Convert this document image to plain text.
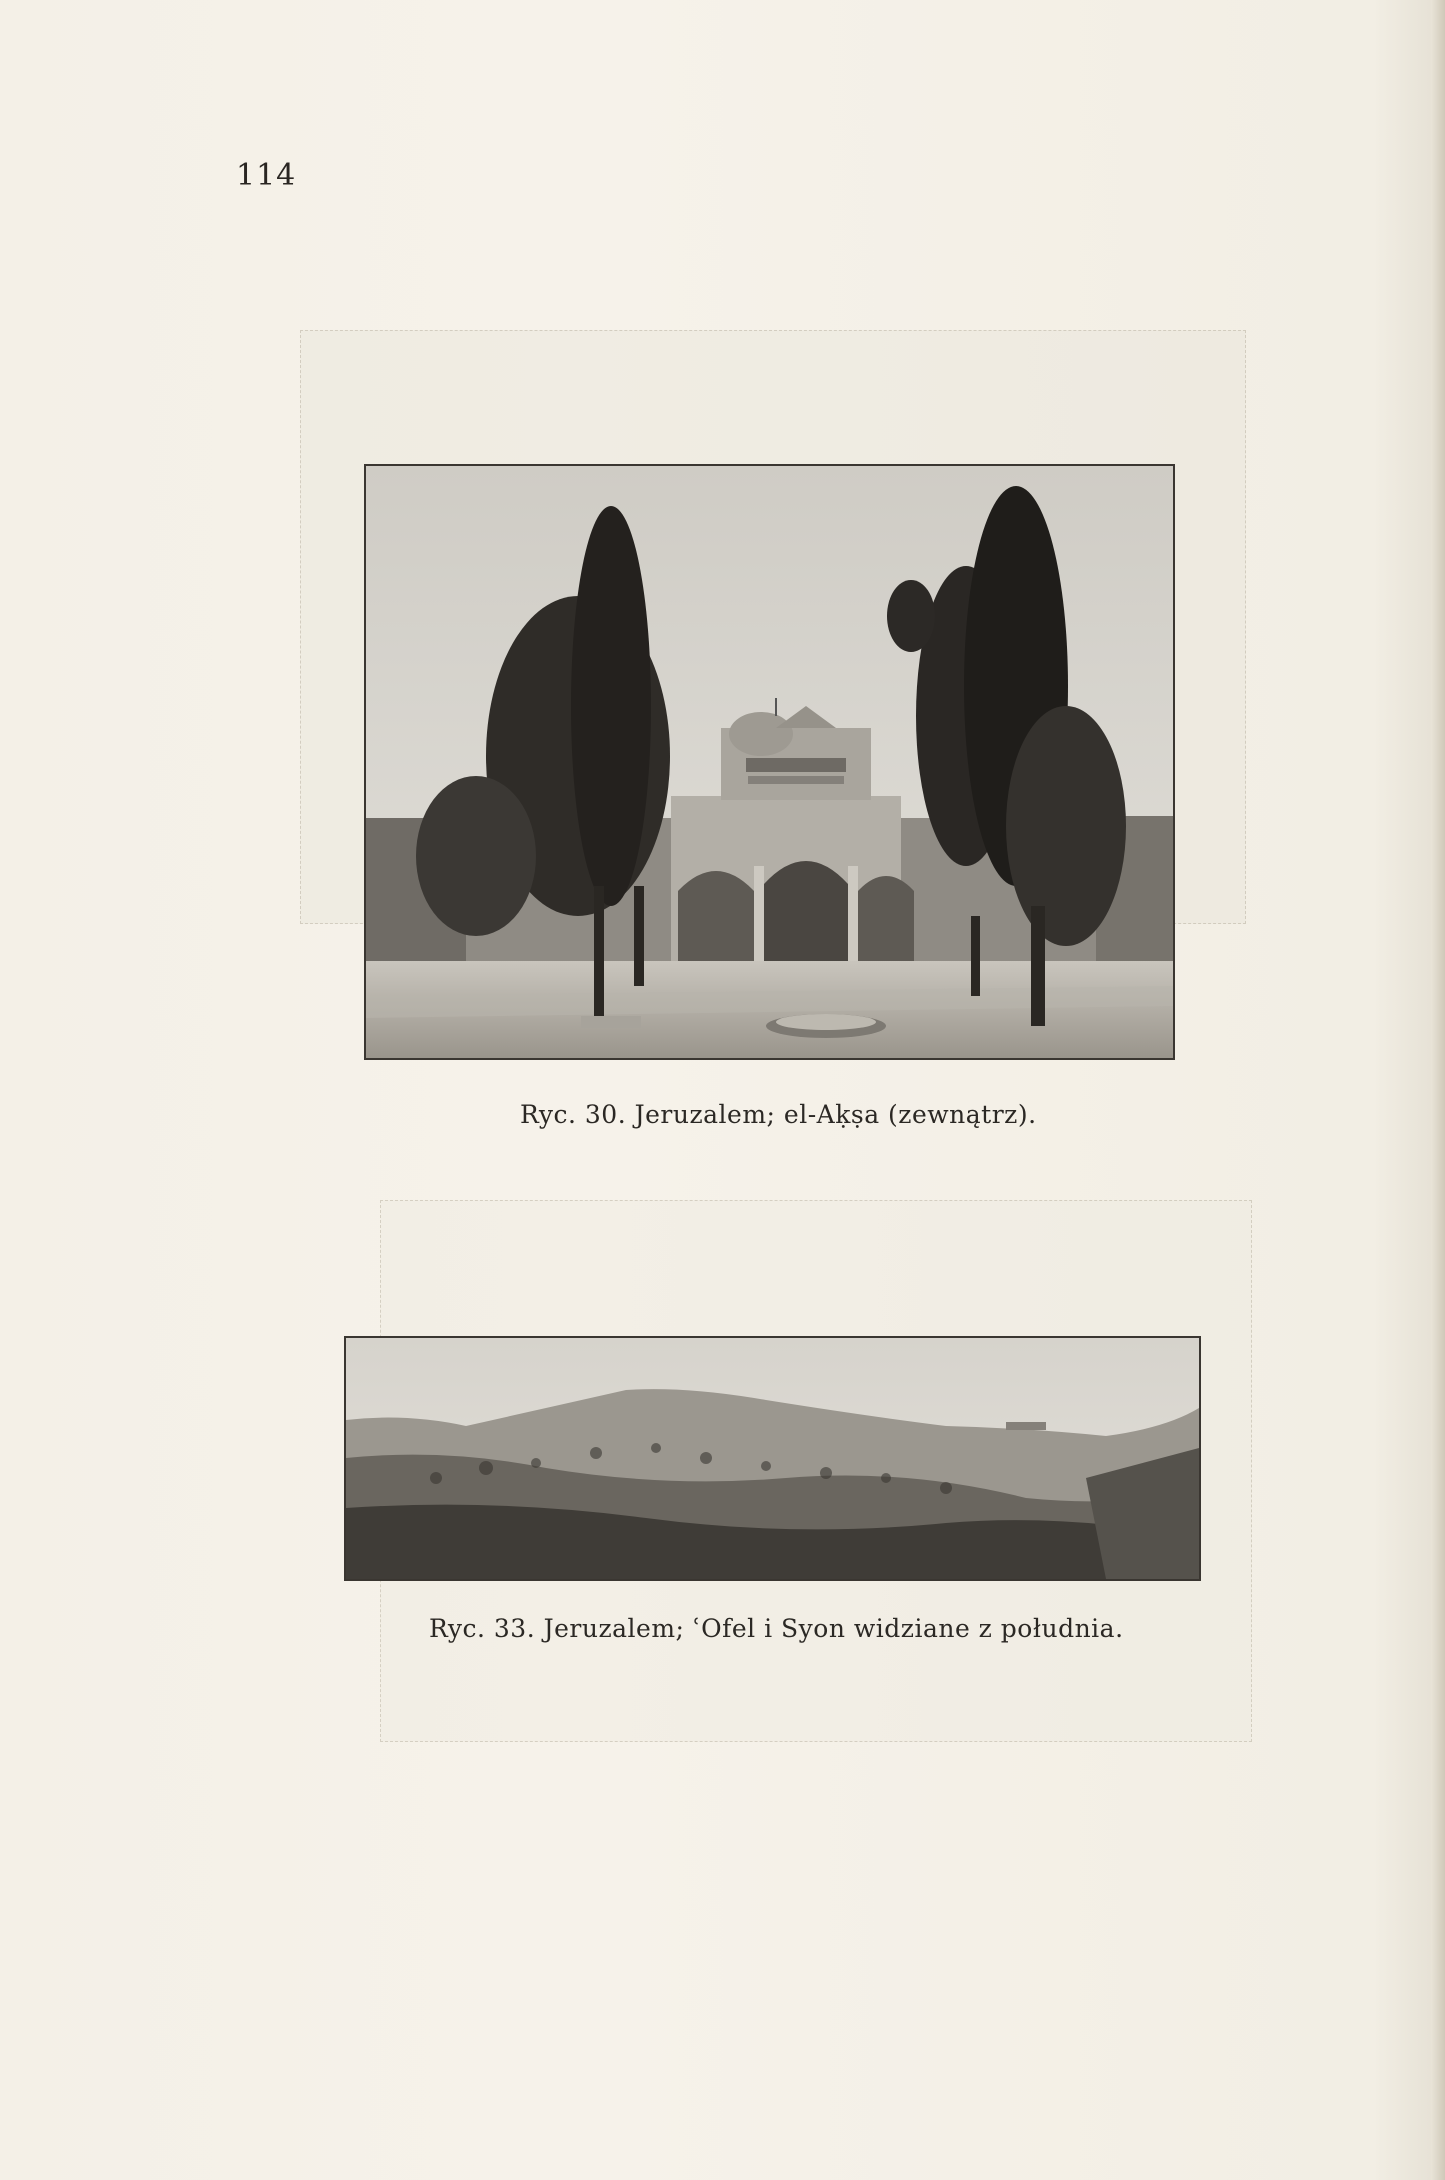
114
Ryc. 30. Jeruzalem; el-Aḳṣa (zewnątrz).
Ryc. 33. Jeruzalem; ʿOfel i Syon widziane z południa.
